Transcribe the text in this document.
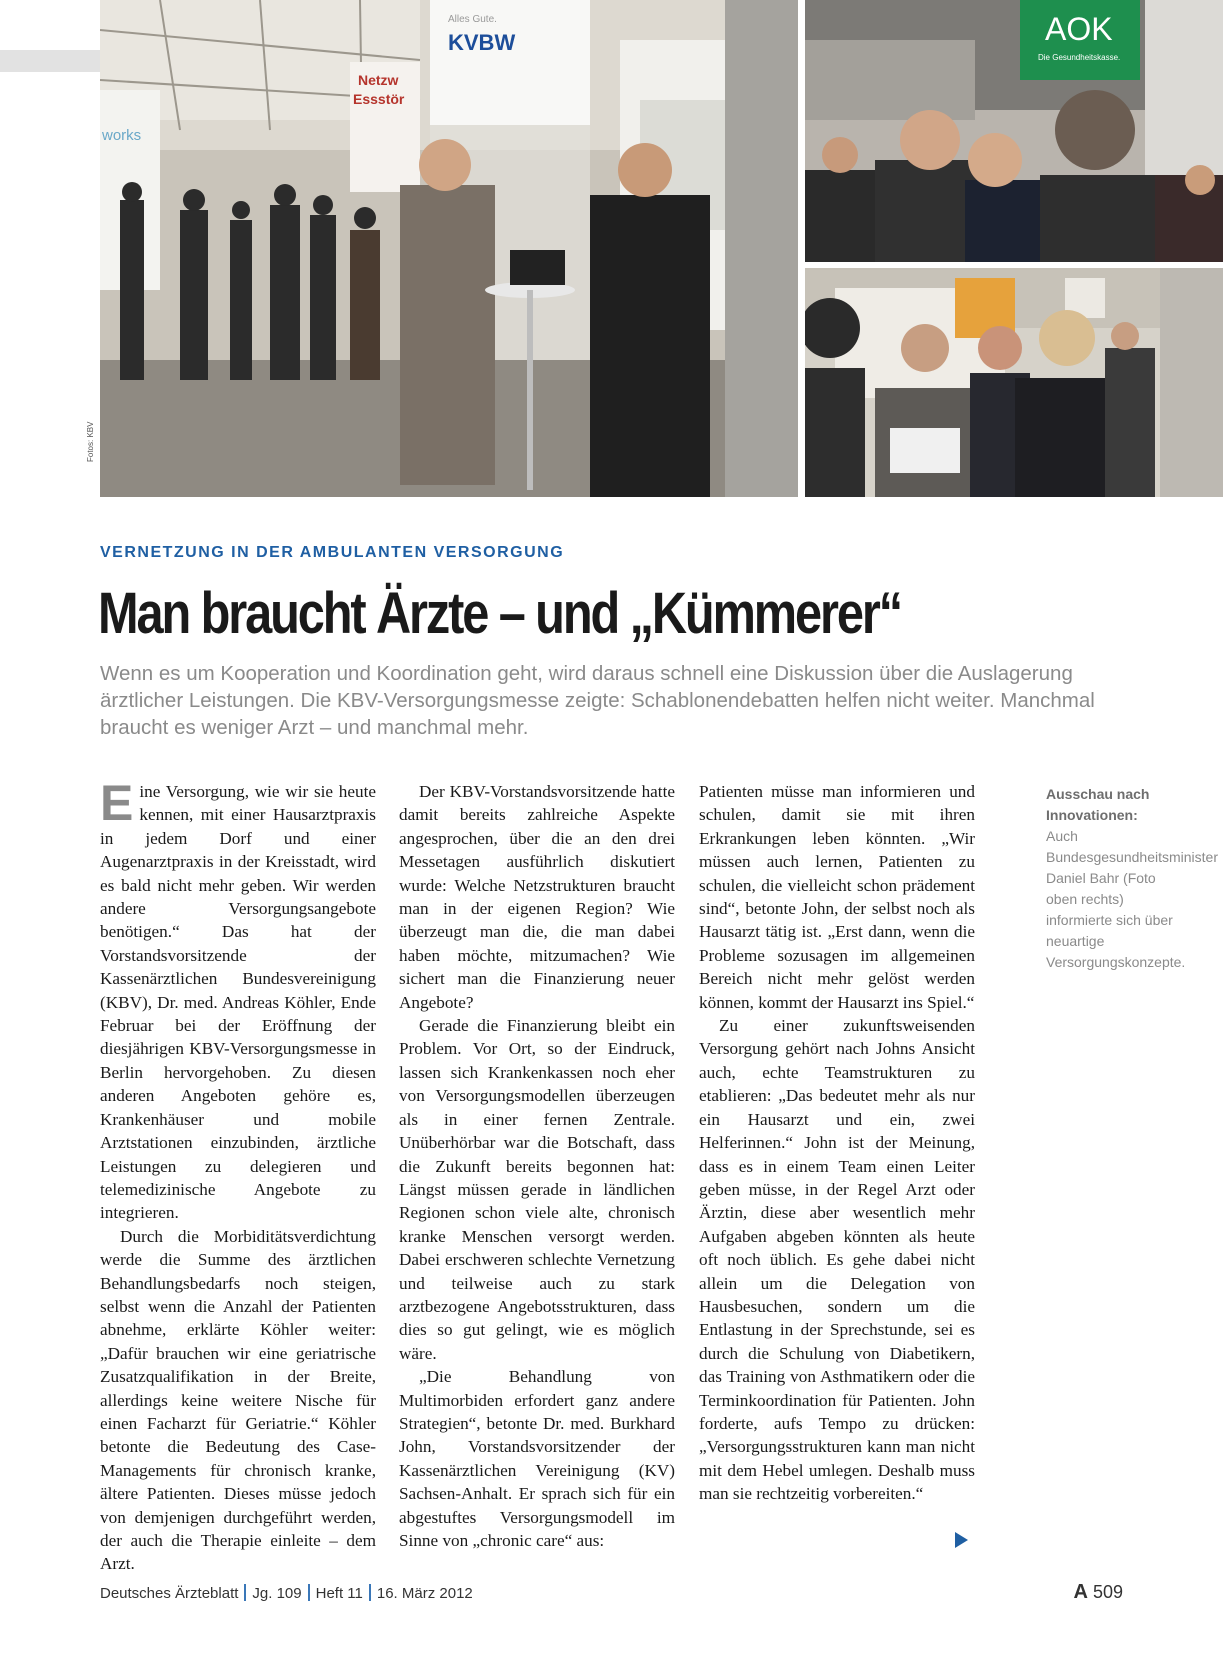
works
Netzw
Essstör
Alles Gute.
KVBW
Fotos: KBV
AOK
Die Gesundheitskasse.
VERNETZUNG IN DER AMBULANTEN VERSORGUNG
Man braucht Ärzte – und „Kümmerer“
Wenn es um Kooperation und Koordination geht, wird daraus schnell eine Diskussion über die Auslagerung ärztlicher Leistungen. Die KBV-Versorgungsmesse zeigte: Schablonendebatten helfen nicht weiter. Manchmal braucht es weniger Arzt – und manchmal mehr.

Eine Versorgung, wie wir sie heute kennen, mit einer Hausarztpraxis in jedem Dorf und einer Augenarztpraxis in der Kreisstadt, wird es bald nicht mehr geben. Wir werden andere Versorgungsangebote benötigen.“ Das hat der Vorstandsvorsitzende der Kassenärztlichen Bundesvereinigung (KBV), Dr. med. Andreas Köhler, Ende Februar bei der Eröffnung der diesjährigen KBV-Versorgungsmesse in Berlin hervorgehoben. Zu diesen anderen Angeboten gehöre es, Krankenhäuser und mobile Arztstationen einzubinden, ärztliche Leistungen zu delegieren und telemedizinische Angebote zu integrieren.

Durch die Morbiditätsverdichtung werde die Summe des ärztlichen Behandlungsbedarfs noch steigen, selbst wenn die Anzahl der Patienten abnehme, erklärte Köhler weiter: „Dafür brauchen wir eine geriatrische Zusatzqualifikation in der Breite, allerdings keine weitere Nische für einen Facharzt für Geriatrie.“ Köhler betonte die Bedeutung des Case-Managements für chronisch kranke, ältere Patienten. Dieses müsse jedoch von demjenigen durchgeführt werden, der auch die Therapie einleite – dem Arzt.

Der KBV-Vorstandsvorsitzende hatte damit bereits zahlreiche Aspekte angesprochen, über die an den drei Messetagen ausführlich diskutiert wurde: Welche Netzstrukturen braucht man in der eigenen Region? Wie überzeugt man die, die man dabei haben möchte, mitzumachen? Wie sichert man die Finanzierung neuer Angebote?

Gerade die Finanzierung bleibt ein Problem. Vor Ort, so der Eindruck, lassen sich Krankenkassen noch eher von Versorgungsmodellen überzeugen als in einer fernen Zentrale. Unüberhörbar war die Botschaft, dass die Zukunft bereits begonnen hat: Längst müssen gerade in ländlichen Regionen schon viele alte, chronisch kranke Menschen versorgt werden. Dabei erschweren schlechte Vernetzung und teilweise auch zu stark arztbezogene Angebotsstrukturen, dass dies so gut gelingt, wie es möglich wäre.

„Die Behandlung von Multimorbiden erfordert ganz andere Strategien“, betonte Dr. med. Burkhard John, Vorstandsvorsitzender der Kassenärztlichen Vereinigung (KV) Sachsen-Anhalt. Er sprach sich für ein abgestuftes Versorgungsmodell im Sinne von „chronic care“ aus:

Patienten müsse man informieren und schulen, damit sie mit ihren Erkrankungen leben könnten. „Wir müssen auch lernen, Patienten zu schulen, die vielleicht schon prädement sind“, betonte John, der selbst noch als Hausarzt tätig ist. „Erst dann, wenn die Probleme sozusagen im allgemeinen Bereich nicht mehr gelöst werden können, kommt der Hausarzt ins Spiel.“

Zu einer zukunftsweisenden Versorgung gehört nach Johns Ansicht auch, echte Teamstrukturen zu etablieren: „Das bedeutet mehr als nur ein Hausarzt und ein, zwei Helferinnen.“ John ist der Meinung, dass es in einem Team einen Leiter geben müsse, in der Regel Arzt oder Ärztin, diese aber wesentlich mehr Aufgaben abgeben könnten als heute oft noch üblich. Es gehe dabei nicht allein um die Delegation von Hausbesuchen, sondern um die Entlastung in der Sprechstunde, sei es durch die Schulung von Diabetikern, das Training von Asthmatikern oder die Terminkoordination für Patienten. John forderte, aufs Tempo zu drücken: „Versorgungsstrukturen kann man nicht mit dem Hebel umlegen. Deshalb muss man sie rechtzeitig vorbereiten.“

Ausschau nach Innovationen:
Auch Bundesgesundheitsminister Daniel Bahr (Foto oben rechts) informierte sich über neuartige Versorgungskonzepte.
Deutsches Ärzteblatt Jg. 109 Heft 11 16. März 2012	A 509
